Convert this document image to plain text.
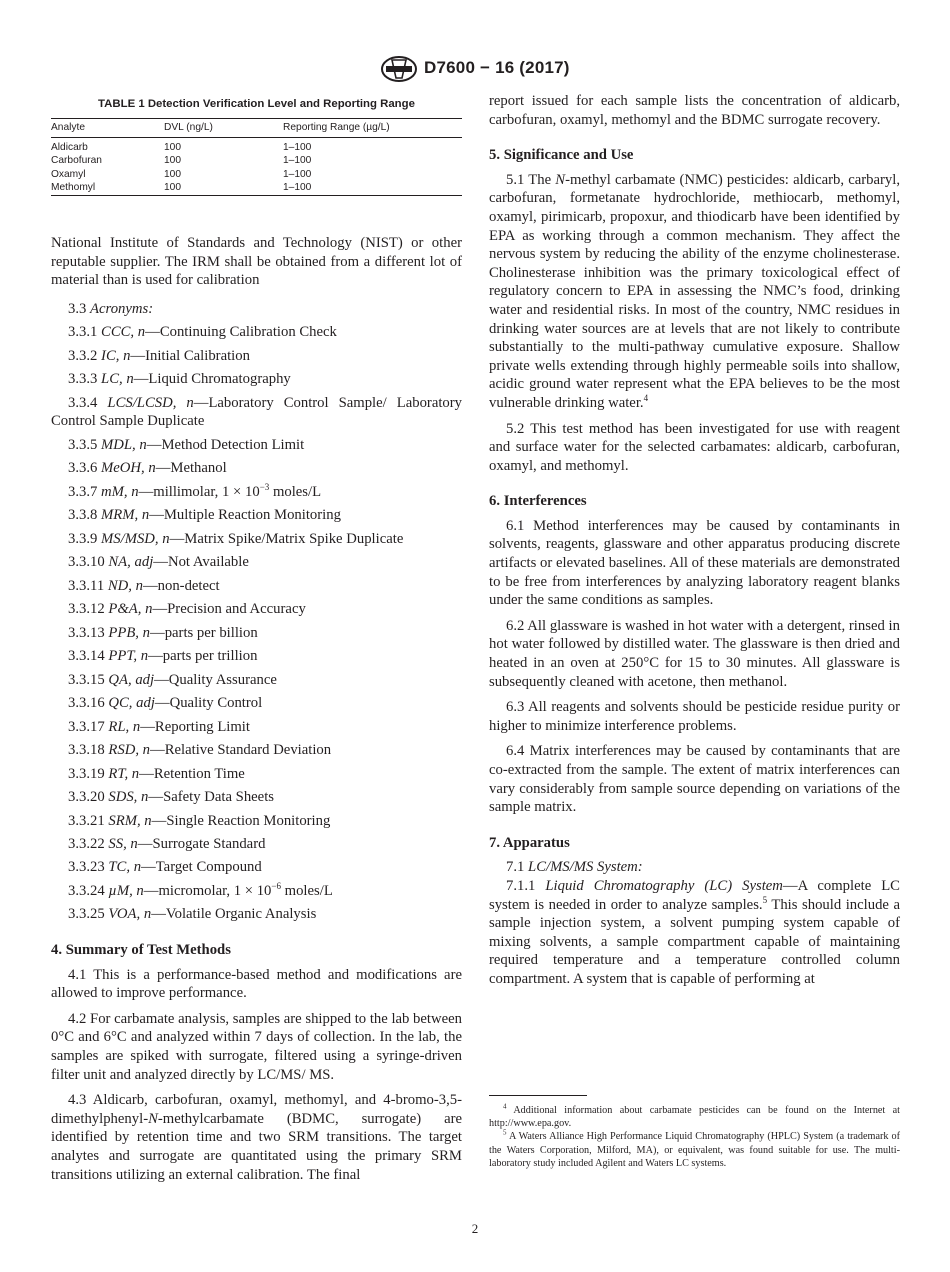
D7600 − 16 (2017)
TABLE 1 Detection Verification Level and Reporting Range
Analyte	DVL (ng/L)	Reporting Range (µg/L)
Aldicarb	100	1–100
Carbofuran	100	1–100
Oxamyl	100	1–100
Methomyl	100	1–100

National Institute of Standards and Technology (NIST) or other reputable supplier. The IRM shall be obtained from a different lot of material than is used for calibration

3.3 Acronyms:

3.3.1 CCC, n—Continuing Calibration Check

3.3.2 IC, n—Initial Calibration

3.3.3 LC, n—Liquid Chromatography

3.3.4 LCS/LCSD, n—Laboratory Control Sample/ Laboratory Control Sample Duplicate

3.3.5 MDL, n—Method Detection Limit

3.3.6 MeOH, n—Methanol

3.3.7 mM, n—millimolar, $1 \times 10^{-3}$ moles/L

3.3.8 MRM, n—Multiple Reaction Monitoring

3.3.9 MS/MSD, n—Matrix Spike/Matrix Spike Duplicate

3.3.10 NA, adj—Not Available

3.3.11 ND, n—non-detect

3.3.12 P&A, n—Precision and Accuracy

3.3.13 PPB, n—parts per billion

3.3.14 PPT, n—parts per trillion

3.3.15 QA, adj—Quality Assurance

3.3.16 QC, adj—Quality Control

3.3.17 RL, n—Reporting Limit

3.3.18 RSD, n—Relative Standard Deviation

3.3.19 RT, n—Retention Time

3.3.20 SDS, n—Safety Data Sheets

3.3.21 SRM, n—Single Reaction Monitoring

3.3.22 SS, n—Surrogate Standard

3.3.23 TC, n—Target Compound

3.3.24 µM, n—micromolar, $1 \times 10^{-6}$ moles/L

3.3.25 VOA, n—Volatile Organic Analysis

4. Summary of Test Methods

4.1 This is a performance-based method and modifications are allowed to improve performance.

4.2 For carbamate analysis, samples are shipped to the lab between 0°C and 6°C and analyzed within 7 days of collection. In the lab, the samples are spiked with surrogate, filtered using a syringe-driven filter unit and analyzed directly by LC/MS/ MS.

4.3 Aldicarb, carbofuran, oxamyl, methomyl, and 4-bromo-3,5-dimethylphenyl-N-methylcarbamate (BDMC, surrogate) are identified by retention time and two SRM transitions. The target analytes and surrogate are quantitated using the primary SRM transitions utilizing an external calibration. The final

report issued for each sample lists the concentration of aldicarb, carbofuran, oxamyl, methomyl and the BDMC surrogate recovery.

5. Significance and Use

5.1 The N-methyl carbamate (NMC) pesticides: aldicarb, carbaryl, carbofuran, formetanate hydrochloride, methiocarb, methomyl, oxamyl, pirimicarb, propoxur, and thiodicarb have been identified by EPA as working through a common mechanism. They affect the nervous system by reducing the ability of the enzyme cholinesterase. Cholinesterase inhibition was the primary toxicological effect of regulatory concern to EPA in assessing the NMC’s food, drinking water and residential risks. In most of the country, NMC residues in drinking water sources are at levels that are not likely to contribute substantially to the multi-pathway cumulative exposure. Shallow private wells extending through highly permeable soils into shallow, acidic ground water represent what the EPA believes to be the most vulnerable drinking water.$^4$

5.2 This test method has been investigated for use with reagent and surface water for the selected carbamates: aldicarb, carbofuran, oxamyl, and methomyl.

6. Interferences

6.1 Method interferences may be caused by contaminants in solvents, reagents, glassware and other apparatus producing discrete artifacts or elevated baselines. All of these materials are demonstrated to be free from interferences by analyzing laboratory reagent blanks under the same conditions as samples.

6.2 All glassware is washed in hot water with a detergent, rinsed in hot water followed by distilled water. The glassware is then dried and heated in an oven at 250°C for 15 to 30 minutes. All glassware is subsequently cleaned with acetone, then methanol.

6.3 All reagents and solvents should be pesticide residue purity or higher to minimize interference problems.

6.4 Matrix interferences may be caused by contaminants that are co-extracted from the sample. The extent of matrix interferences can vary considerably from sample source depending on variations of the sample matrix.

7. Apparatus

7.1 LC/MS/MS System:

7.1.1 Liquid Chromatography (LC) System—A complete LC system is needed in order to analyze samples.$^5$ This should include a sample injection system, a solvent pumping system capable of mixing solvents, a sample compartment capable of maintaining required temperature and a temperature controlled column compartment. A system that is capable of performing at

$^4$ Additional information about carbamate pesticides can be found on the Internet at http://www.epa.gov.

$^5$ A Waters Alliance High Performance Liquid Chromatography (HPLC) System (a trademark of the Waters Corporation, Milford, MA), or equivalent, was found suitable for use. The multi-laboratory study included Agilent and Waters LC systems.

2
